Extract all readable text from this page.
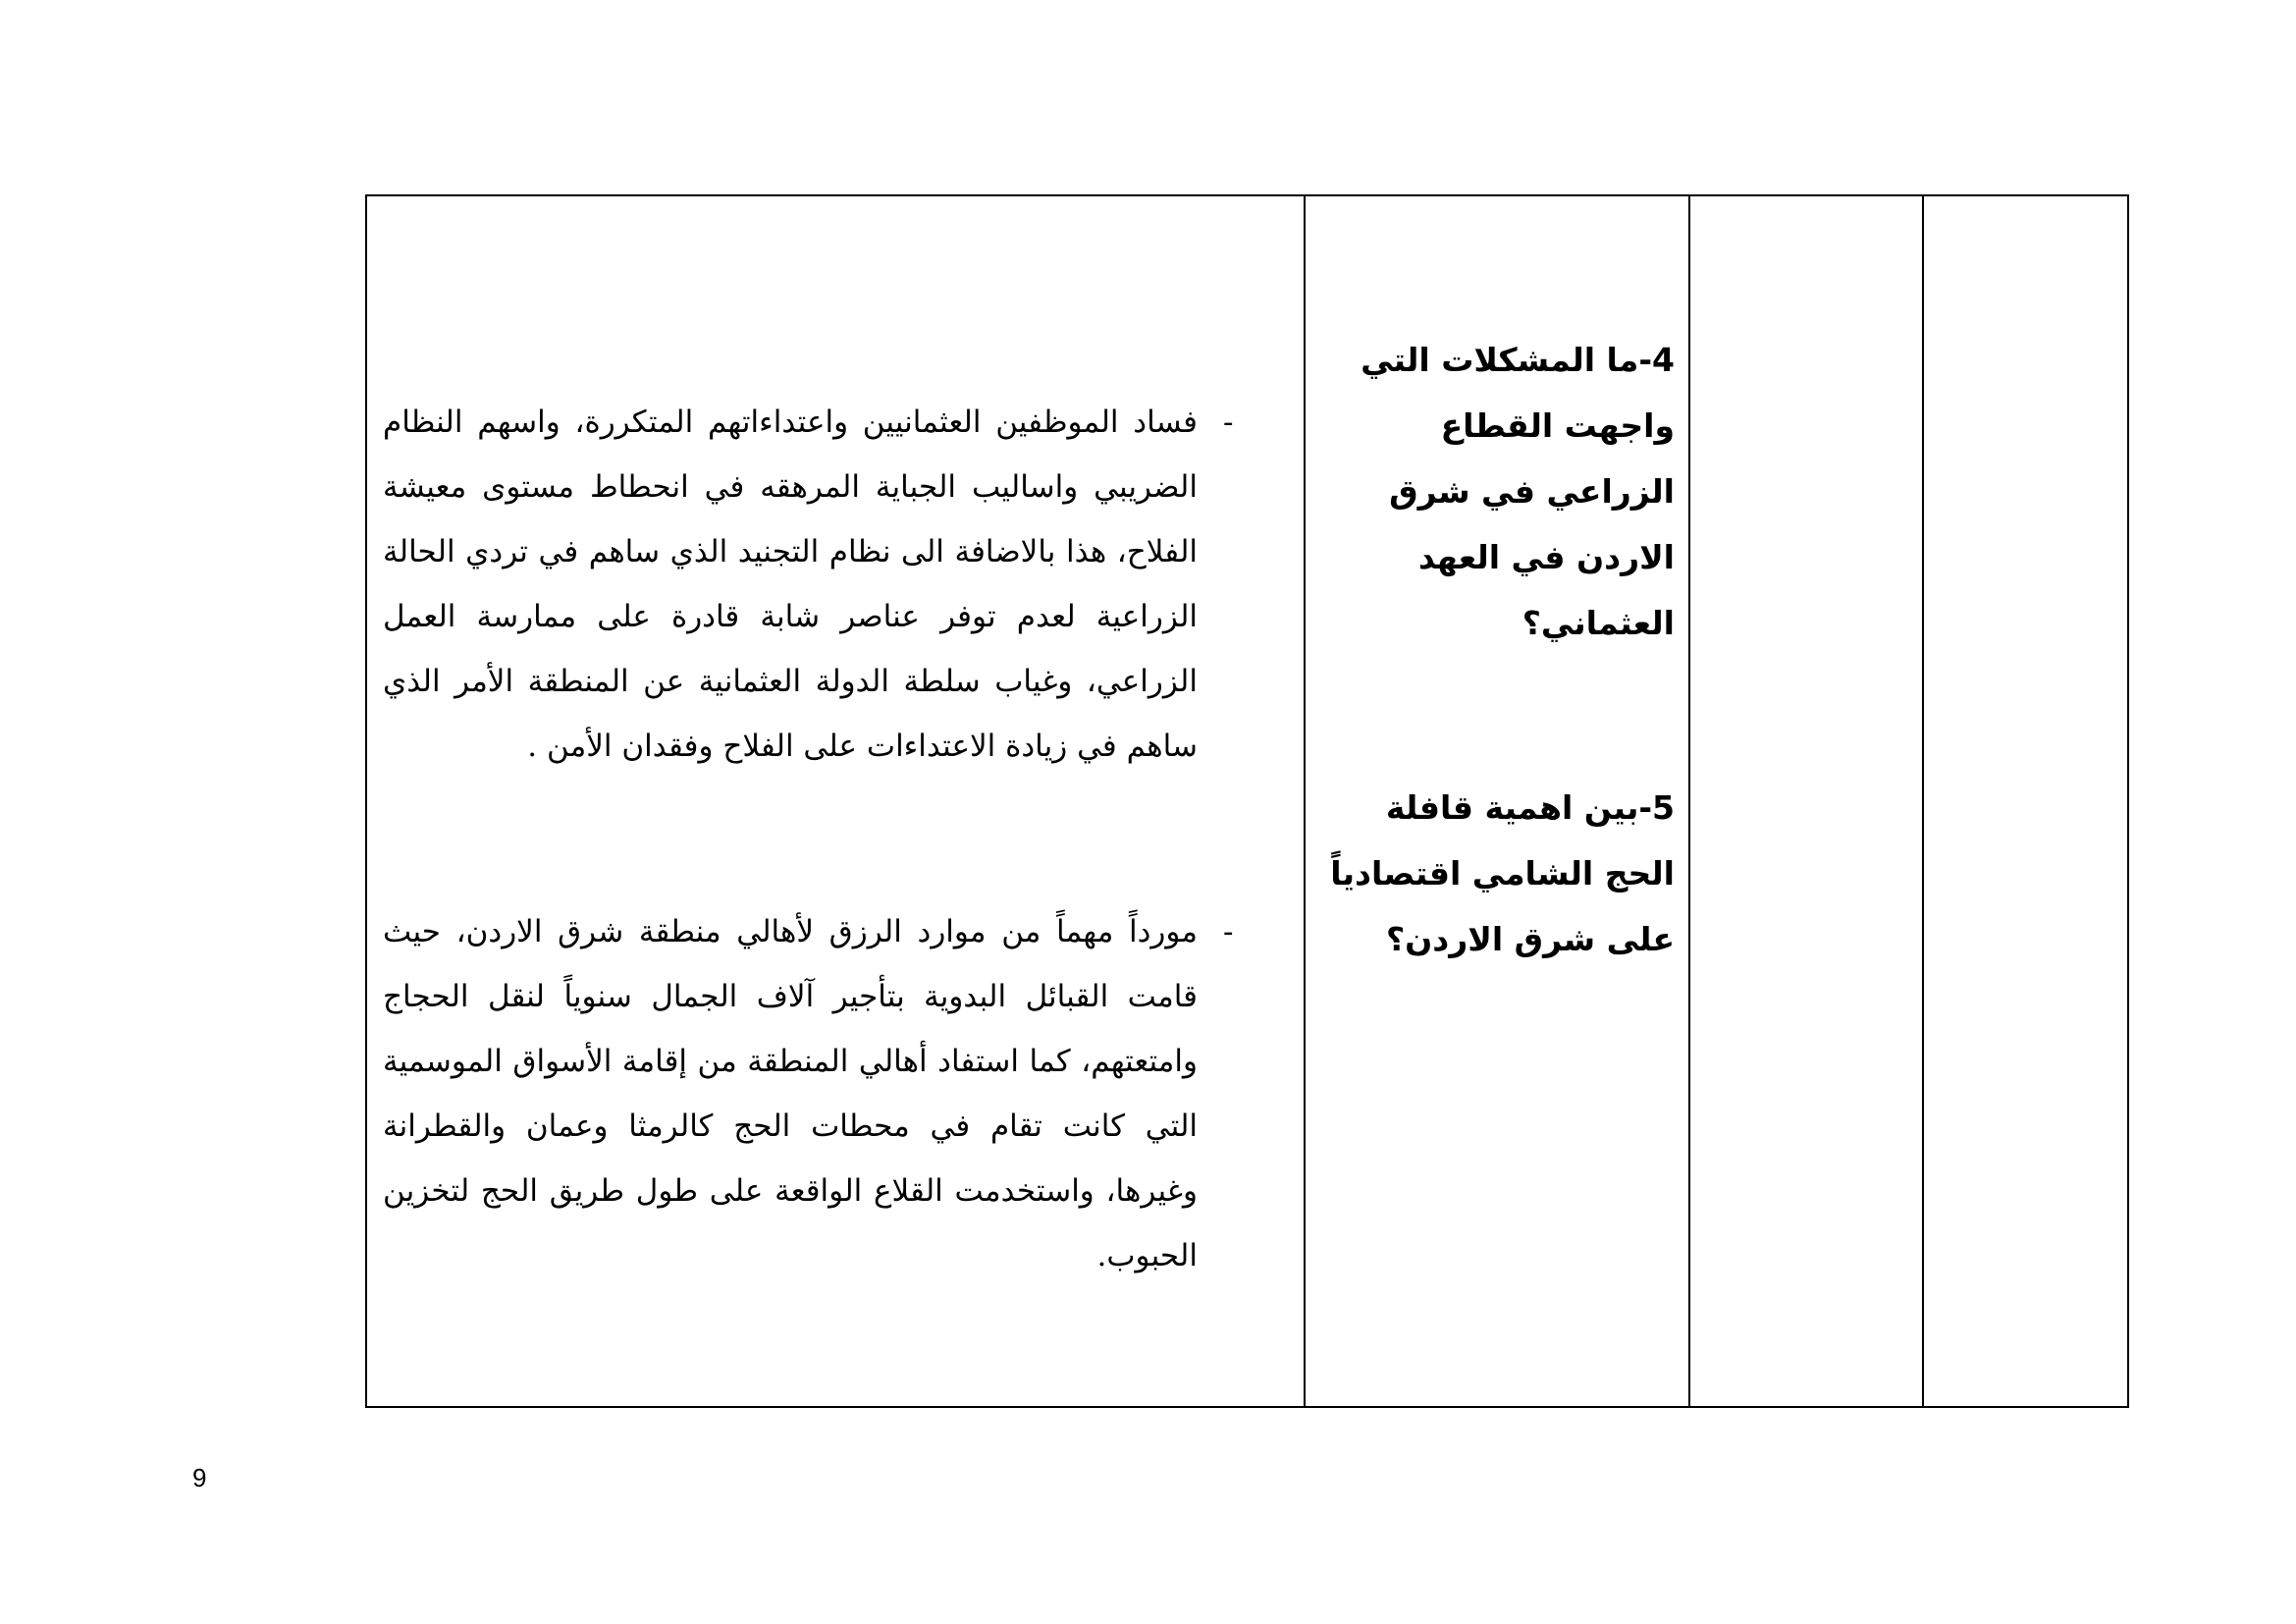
4-ما المشكلات التي واجهت القطاع الزراعي في شرق الاردن في العهد العثماني؟
5-بين اهمية قافلة الحج الشامي اقتصادياً على شرق الاردن؟
-
فساد الموظفين العثمانيين واعتداءاتهم المتكررة، واسهم النظام الضريبي واساليب الجباية المرهقه في انحطاط مستوى معيشة الفلاح، هذا بالاضافة الى نظام التجنيد الذي ساهم في تردي الحالة الزراعية لعدم توفر عناصر شابة قادرة على ممارسة العمل الزراعي، وغياب سلطة الدولة العثمانية عن المنطقة الأمر الذي ساهم في زيادة الاعتداءات على الفلاح وفقدان الأمن .
-
مورداً مهماً من موارد الرزق لأهالي منطقة شرق الاردن، حيث قامت القبائل البدوية بتأجير آلاف الجمال سنوياً لنقل الحجاج وامتعتهم، كما استفاد أهالي المنطقة من إقامة الأسواق الموسمية التي كانت تقام في محطات الحج كالرمثا وعمان والقطرانة وغيرها، واستخدمت القلاع الواقعة على طول طريق الحج لتخزين الحبوب.
9
